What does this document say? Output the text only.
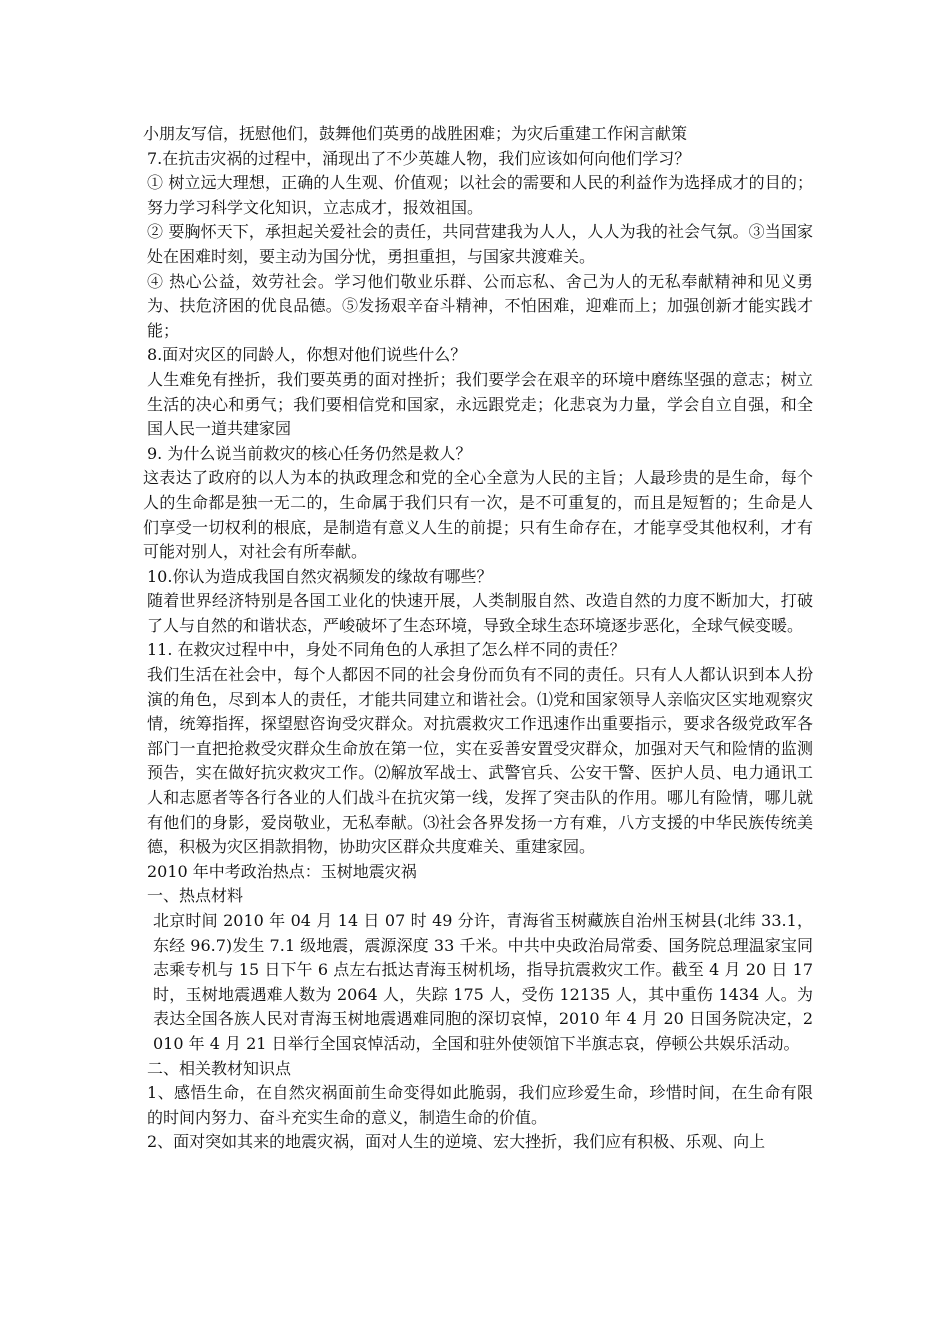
小朋友写信，抚慰他们，鼓舞他们英勇的战胜困难；为灾后重建工作闲言献策

7.在抗击灾祸的过程中，涌现出了不少英雄人物，我们应该如何向他们学习？

① 树立远大理想，正确的人生观、价值观；以社会的需要和人民的利益作为选择成才的目的；努力学习科学文化知识，立志成才，报效祖国。

② 要胸怀天下，承担起关爱社会的责任，共同营建我为人人，人人为我的社会气氛。③当国家处在困难时刻，要主动为国分忧，勇担重担，与国家共渡难关。

④ 热心公益，效劳社会。学习他们敬业乐群、公而忘私、舍己为人的无私奉献精神和见义勇为、扶危济困的优良品德。⑤发扬艰辛奋斗精神，不怕困难，迎难而上；加强创新才能实践才能；

8.面对灾区的同龄人，你想对他们说些什么？

人生难免有挫折，我们要英勇的面对挫折；我们要学会在艰辛的环境中磨练坚强的意志；树立生活的决心和勇气；我们要相信党和国家，永远跟党走；化悲哀为力量，学会自立自强，和全国人民一道共建家园

9. 为什么说当前救灾的核心任务仍然是救人？

这表达了政府的以人为本的执政理念和党的全心全意为人民的主旨；人最珍贵的是生命，每个人的生命都是独一无二的，生命属于我们只有一次，是不可重复的，而且是短暂的；生命是人们享受一切权利的根底，是制造有意义人生的前提；只有生命存在，才能享受其他权利，才有可能对别人，对社会有所奉献。

10.你认为造成我国自然灾祸频发的缘故有哪些？

随着世界经济特别是各国工业化的快速开展，人类制服自然、改造自然的力度不断加大，打破了人与自然的和谐状态，严峻破坏了生态环境，导致全球生态环境逐步恶化，全球气候变暖。

11. 在救灾过程中中，身处不同角色的人承担了怎么样不同的责任？

我们生活在社会中，每个人都因不同的社会身份而负有不同的责任。只有人人都认识到本人扮演的角色，尽到本人的责任，才能共同建立和谐社会。⑴党和国家领导人亲临灾区实地观察灾情，统筹指挥，探望慰咨询受灾群众。对抗震救灾工作迅速作出重要指示，要求各级党政军各部门一直把抢救受灾群众生命放在第一位，实在妥善安置受灾群众，加强对天气和险情的监测预告，实在做好抗灾救灾工作。⑵解放军战士、武警官兵、公安干警、医护人员、电力通讯工人和志愿者等各行各业的人们战斗在抗灾第一线，发挥了突击队的作用。哪儿有险情，哪儿就有他们的身影，爱岗敬业，无私奉献。⑶社会各界发扬一方有难，八方支援的中华民族传统美德，积极为灾区捐款捐物，协助灾区群众共度难关、重建家园。

2010 年中考政治热点：玉树地震灾祸

一、热点材料

北京时间 2010 年 04 月 14 日 07 时 49 分许，青海省玉树藏族自治州玉树县(北纬 33.1，东经 96.7)发生 7.1 级地震，震源深度 33 千米。中共中央政治局常委、国务院总理温家宝同志乘专机与 15 日下午 6 点左右抵达青海玉树机场，指导抗震救灾工作。截至 4 月 20 日 17 时，玉树地震遇难人数为 2064 人，失踪 175 人，受伤 12135 人，其中重伤 1434 人。为表达全国各族人民对青海玉树地震遇难同胞的深切哀悼，2010 年 4 月 20 日国务院决定，2010 年 4 月 21 日举行全国哀悼活动，全国和驻外使领馆下半旗志哀，停顿公共娱乐活动。

二、相关教材知识点

1、感悟生命，在自然灾祸面前生命变得如此脆弱，我们应珍爱生命，珍惜时间，在生命有限的时间内努力、奋斗充实生命的意义，制造生命的价值。

2、面对突如其来的地震灾祸，面对人生的逆境、宏大挫折，我们应有积极、乐观、向上
